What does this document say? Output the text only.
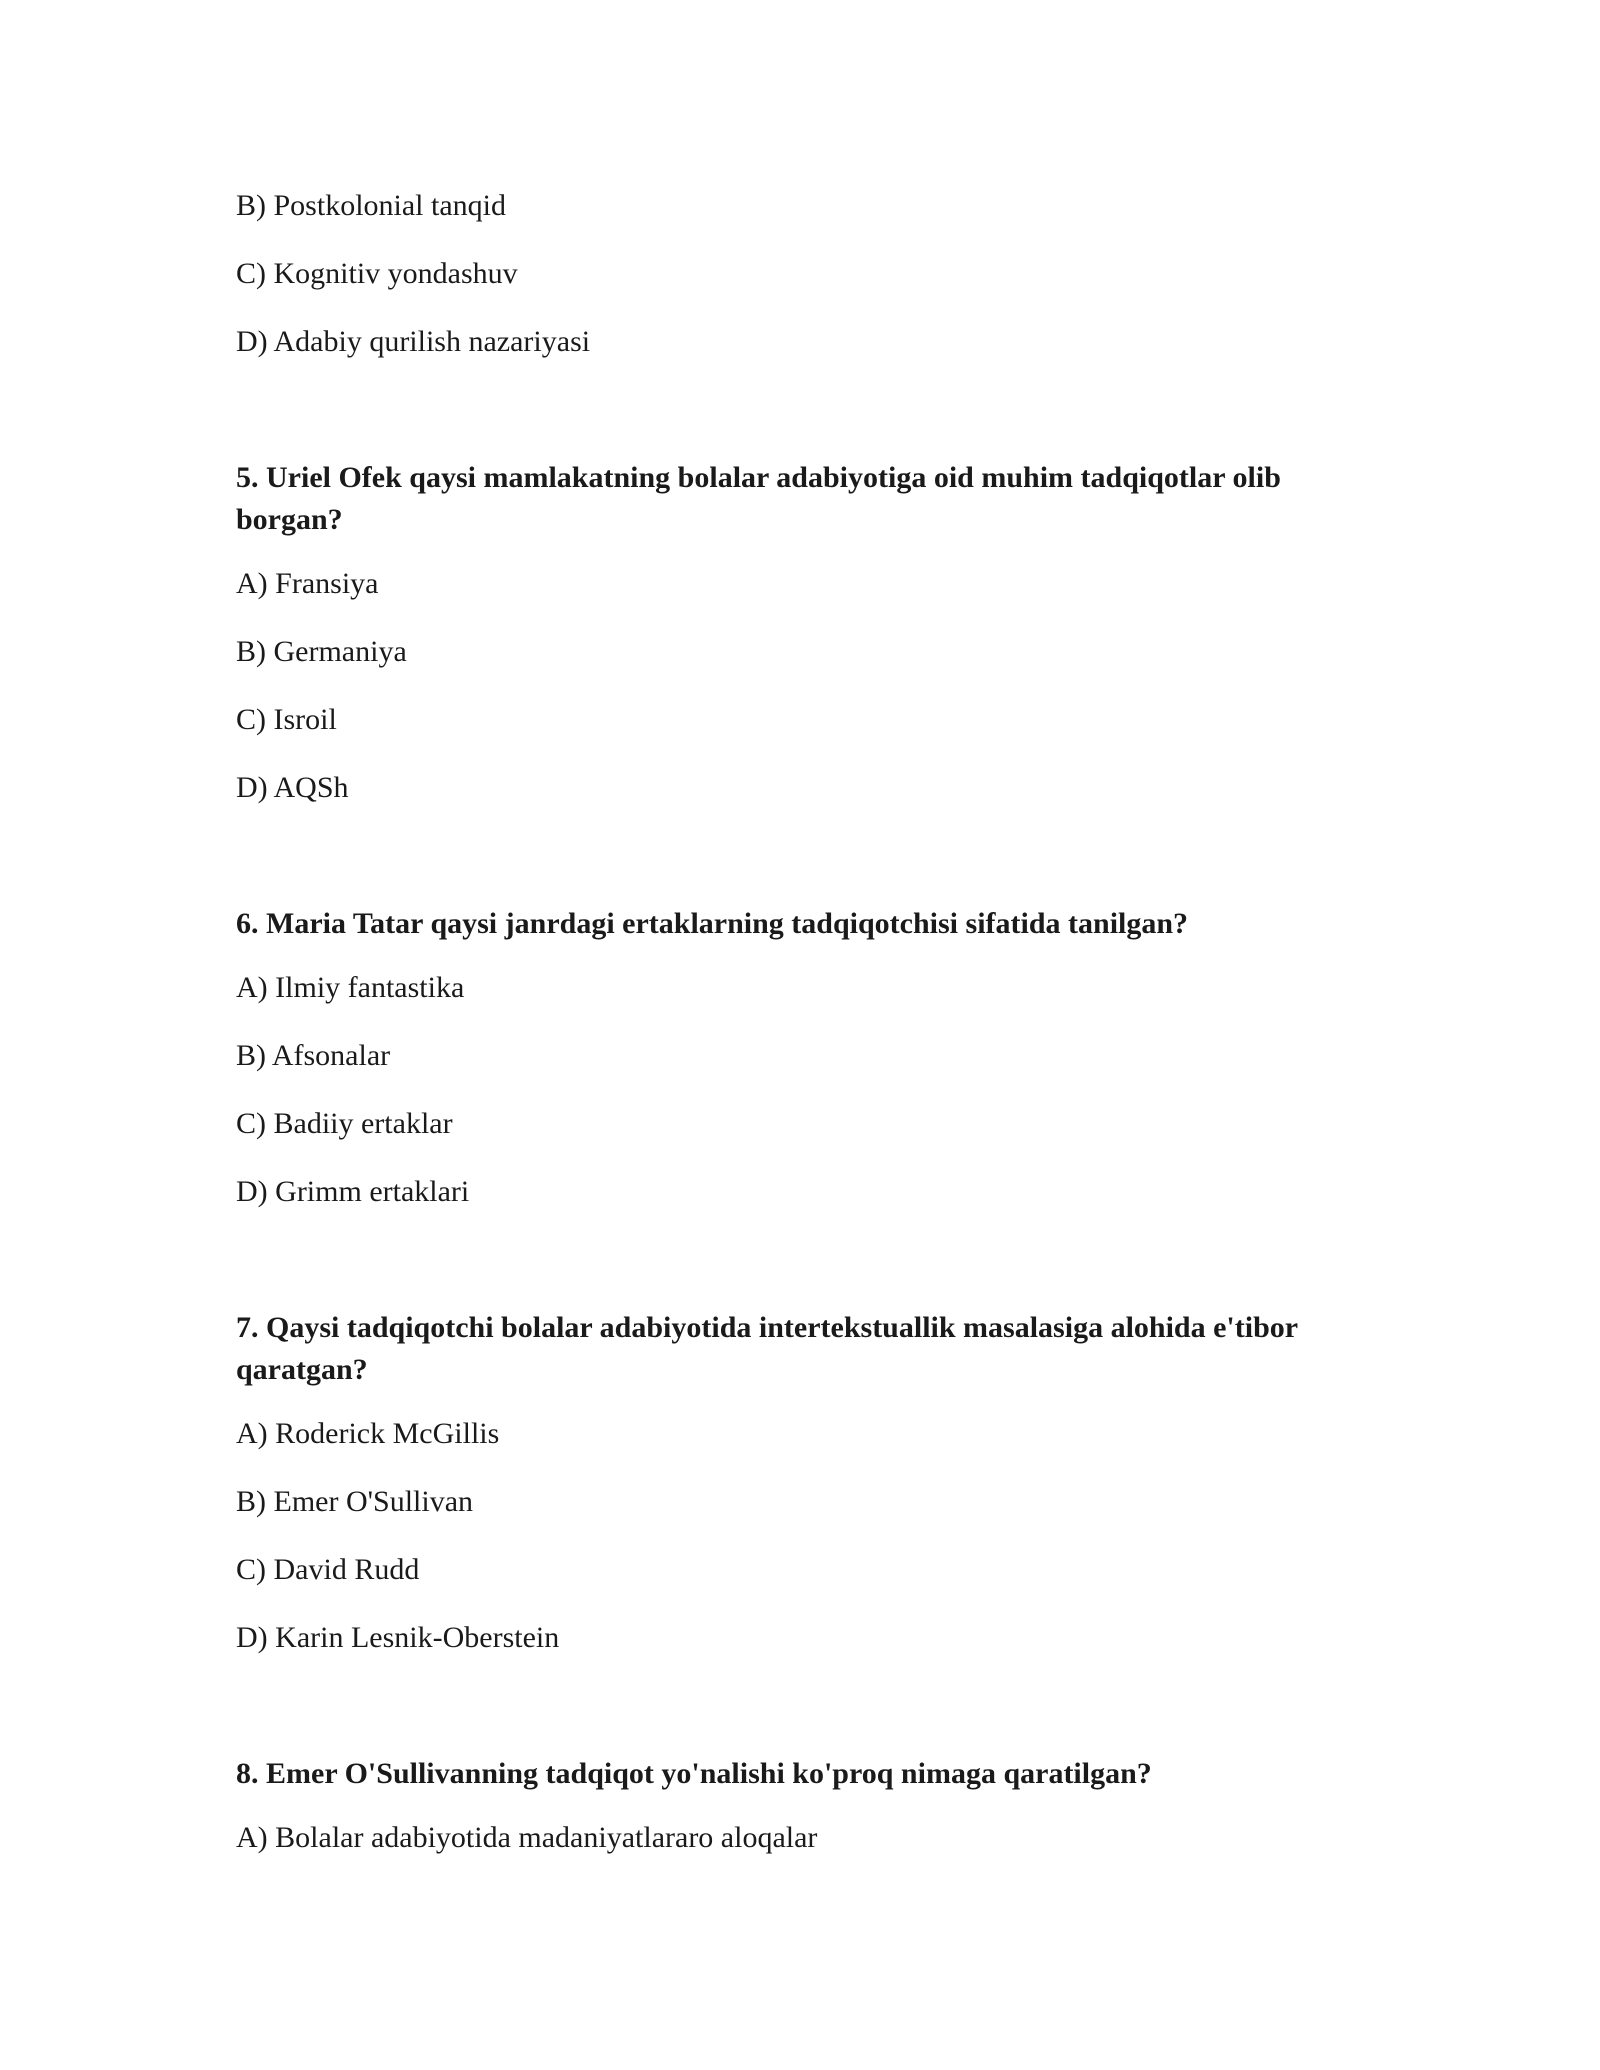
B) Postkolonial tanqid
C) Kognitiv yondashuv
D) Adabiy qurilish nazariyasi
5. Uriel Ofek qaysi mamlakatning bolalar adabiyotiga oid muhim tadqiqotlar olib borgan?
A) Fransiya
B) Germaniya
C) Isroil
D) AQSh
6. Maria Tatar qaysi janrdagi ertaklarning tadqiqotchisi sifatida tanilgan?
A) Ilmiy fantastika
B) Afsonalar
C) Badiiy ertaklar
D) Grimm ertaklari
7. Qaysi tadqiqotchi bolalar adabiyotida intertekstuallik masalasiga alohida e'tibor qaratgan?
A) Roderick McGillis
B) Emer O'Sullivan
C) David Rudd
D) Karin Lesnik-Oberstein
8. Emer O'Sullivanning tadqiqot yo'nalishi ko'proq nimaga qaratilgan?
A) Bolalar adabiyotida madaniyatlararo aloqalar
